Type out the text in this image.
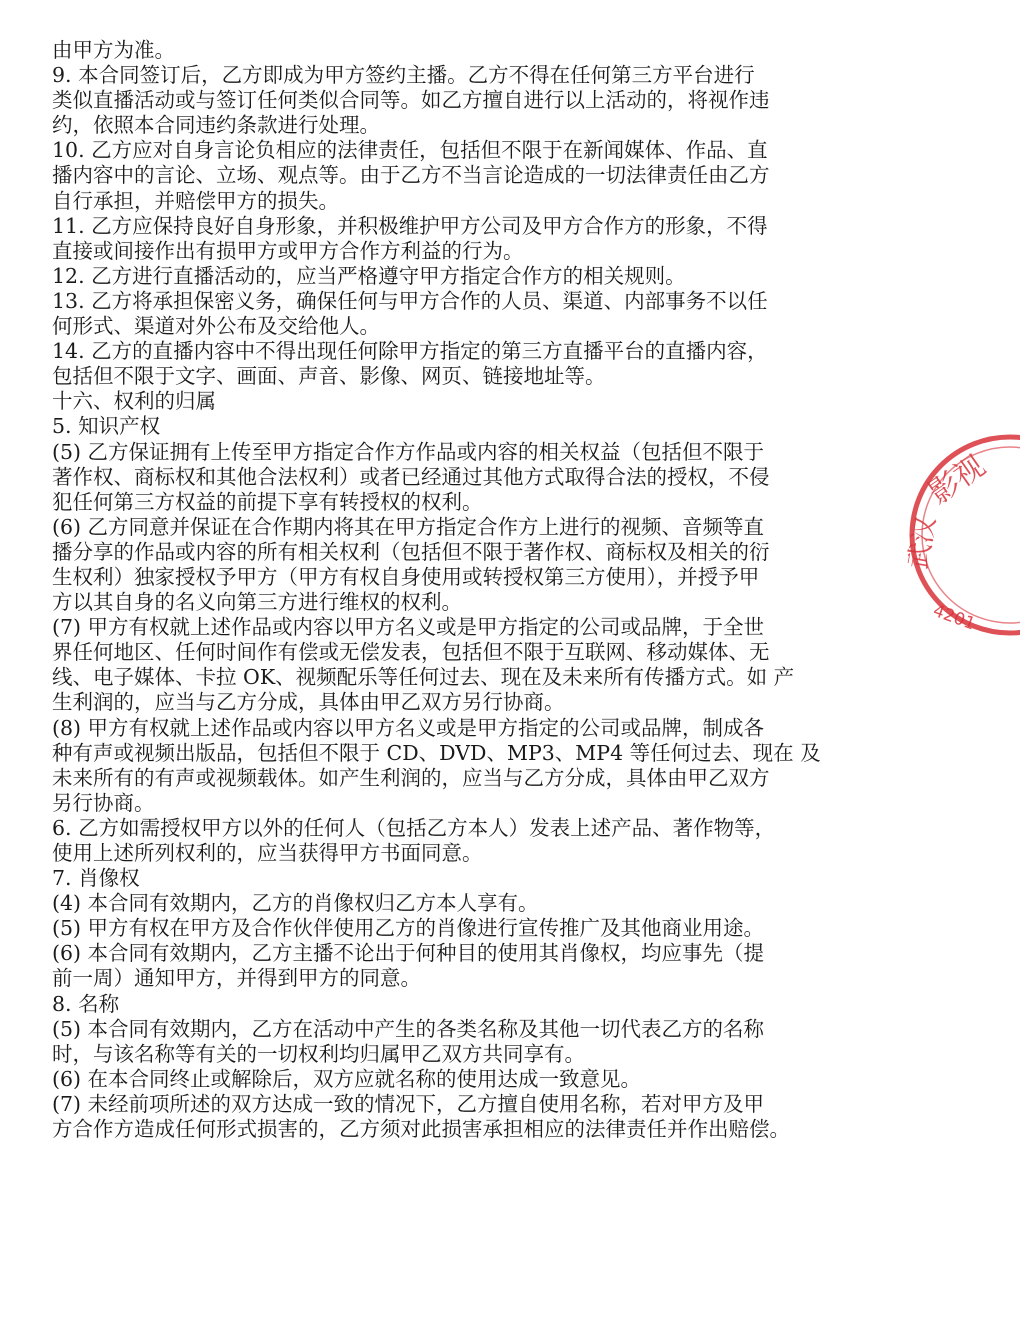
由甲方为准。
9. 本合同签订后，乙方即成为甲方签约主播。乙方不得在任何第三方平台进行
类似直播活动或与签订任何类似合同等。如乙方擅自进行以上活动的，将视作违
约，依照本合同违约条款进行处理。
10. 乙方应对自身言论负相应的法律责任，包括但不限于在新闻媒体、作品、直
播内容中的言论、立场、观点等。由于乙方不当言论造成的一切法律责任由乙方
自行承担，并赔偿甲方的损失。
11. 乙方应保持良好自身形象，并积极维护甲方公司及甲方合作方的形象，不得
直接或间接作出有损甲方或甲方合作方利益的行为。
12. 乙方进行直播活动的，应当严格遵守甲方指定合作方的相关规则。
13. 乙方将承担保密义务，确保任何与甲方合作的人员、渠道、内部事务不以任
何形式、渠道对外公布及交给他人。
14. 乙方的直播内容中不得出现任何除甲方指定的第三方直播平台的直播内容，
包括但不限于文字、画面、声音、影像、网页、链接地址等。
十六、权利的归属
5. 知识产权
(5) 乙方保证拥有上传至甲方指定合作方作品或内容的相关权益（包括但不限于
著作权、商标权和其他合法权利）或者已经通过其他方式取得合法的授权，不侵
犯任何第三方权益的前提下享有转授权的权利。
(6) 乙方同意并保证在合作期内将其在甲方指定合作方上进行的视频、音频等直
播分享的作品或内容的所有相关权利（包括但不限于著作权、商标权及相关的衍
生权利）独家授权予甲方（甲方有权自身使用或转授权第三方使用），并授予甲
方以其自身的名义向第三方进行维权的权利。
(7) 甲方有权就上述作品或内容以甲方名义或是甲方指定的公司或品牌，于全世
界任何地区、任何时间作有偿或无偿发表，包括但不限于互联网、移动媒体、无
线、电子媒体、卡拉 OK、视频配乐等任何过去、现在及未来所有传播方式。如 产
生利润的，应当与乙方分成，具体由甲乙双方另行协商。
(8) 甲方有权就上述作品或内容以甲方名义或是甲方指定的公司或品牌，制成各
种有声或视频出版品，包括但不限于 CD、DVD、MP3、MP4 等任何过去、现在 及
未来所有的有声或视频载体。如产生利润的，应当与乙方分成，具体由甲乙双方
另行协商。
6. 乙方如需授权甲方以外的任何人（包括乙方本人）发表上述产品、著作物等，
使用上述所列权利的，应当获得甲方书面同意。
7. 肖像权
(4) 本合同有效期内，乙方的肖像权归乙方本人享有。
(5) 甲方有权在甲方及合作伙伴使用乙方的肖像进行宣传推广及其他商业用途。
(6) 本合同有效期内，乙方主播不论出于何种目的使用其肖像权，均应事先（提
前一周）通知甲方，并得到甲方的同意。
8. 名称
(5) 本合同有效期内，乙方在活动中产生的各类名称及其他一切代表乙方的名称
时，与该名称等有关的一切权利均归属甲乙双方共同享有。
(6) 在本合同终止或解除后，双方应就名称的使用达成一致意见。
(7) 未经前项所述的双方达成一致的情况下，乙方擅自使用名称，若对甲方及甲
方合作方造成任何形式损害的，乙方须对此损害承担相应的法律责任并作出赔偿。
影视
武汉
4201
